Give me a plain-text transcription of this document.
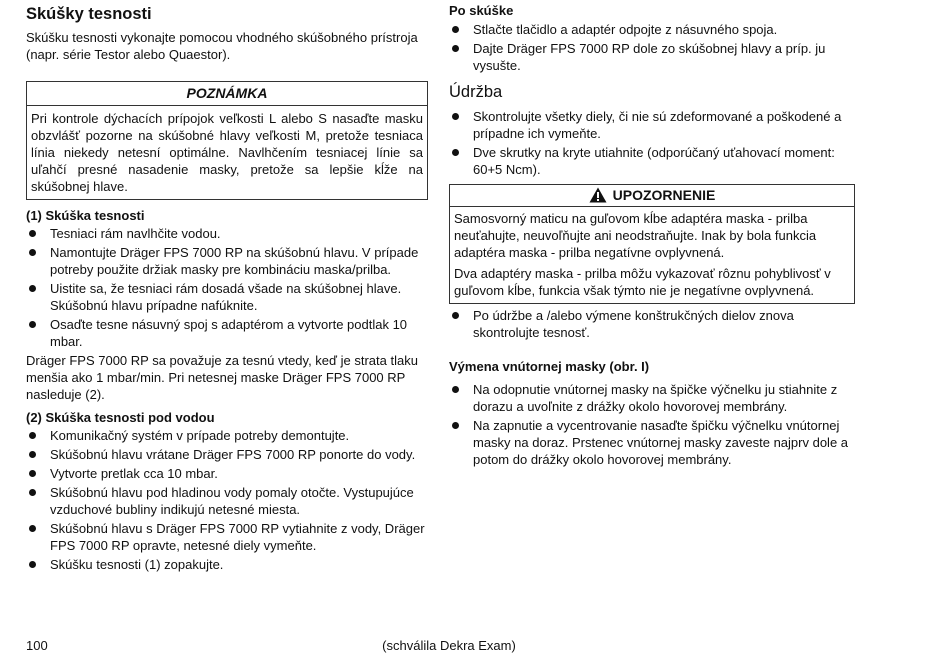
Skúšky tesnosti

Skúšku tesnosti vykonajte pomocou vhodného skúšobného prístroja (napr. série Testor alebo Quaestor).

POZNÁMKA
Pri kontrole dýchacích prípojok veľkosti L alebo S nasaďte masku obzvlášť pozorne na skúšobné hlavy veľkosti M, pretože tesniaca línia niekedy netesní optimálne. Navlhčením tesniacej línie sa uľahčí presné nasadenie masky, pretože sa lepšie kĺže na skúšobnej hlave.
(1) Skúška tesnosti
Tesniaci rám navlhčite vodou.
Namontujte Dräger FPS 7000 RP na skúšobnú hlavu. V prípade potreby použite držiak masky pre kombináciu maska/prilba.
Uistite sa, že tesniaci rám dosadá všade na skúšobnej hlave. Skúšobnú hlavu prípadne nafúknite.
Osaďte tesne násuvný spoj s adaptérom a vytvorte podtlak 10 mbar.

Dräger FPS 7000 RP sa považuje za tesnú vtedy, keď je strata tlaku menšia ako 1 mbar/min. Pri netesnej maske Dräger FPS 7000 RP nasleduje (2).

(2) Skúška tesnosti pod vodou
Komunikačný systém v prípade potreby demontujte.
Skúšobnú hlavu vrátane Dräger FPS 7000 RP ponorte do vody.
Vytvorte pretlak cca 10 mbar.
Skúšobnú hlavu pod hladinou vody pomaly otočte. Vystupujúce vzduchové bubliny indikujú netesné miesta.
Skúšobnú hlavu s Dräger FPS 7000 RP vytiahnite z vody, Dräger FPS 7000 RP opravte, netesné diely vymeňte.
Skúšku tesnosti (1) zopakujte.
Po skúške
Stlačte tlačidlo a adaptér odpojte z násuvného spoja.
Dajte Dräger FPS 7000 RP dole zo skúšobnej hlavy a príp. ju vysušte.
Údržba
Skontrolujte všetky diely, či nie sú zdeformované a poškodené a prípadne ich vymeňte.
Dve skrutky na kryte utiahnite (odporúčaný uťahovací moment: 60+5 Ncm).
UPOZORNENIE

Samosvorný maticu na guľovom kĺbe adaptéra maska - prilba neuťahujte, neuvoľňujte ani neodstraňujte. Inak by bola funkcia adaptéra maska - prilba negatívne ovplyvnená.

Dva adaptéry maska - prilba môžu vykazovať rôznu pohyblivosť v guľovom kĺbe, funkcia však týmto nie je negatívne ovplyvnená.

Po údržbe a /alebo výmene konštrukčných dielov znova skontrolujte tesnosť.
Výmena vnútornej masky (obr. I)
Na odopnutie vnútornej masky na špičke výčnelku ju stiahnite z dorazu a uvoľnite z drážky okolo hovorovej membrány.
Na zapnutie a vycentrovanie nasaďte špičku výčnelku vnútornej masky na doraz. Prstenec vnútornej masky zaveste najprv dole a potom do drážky okolo hovorovej membrány.
(schválila Dekra Exam)
100
